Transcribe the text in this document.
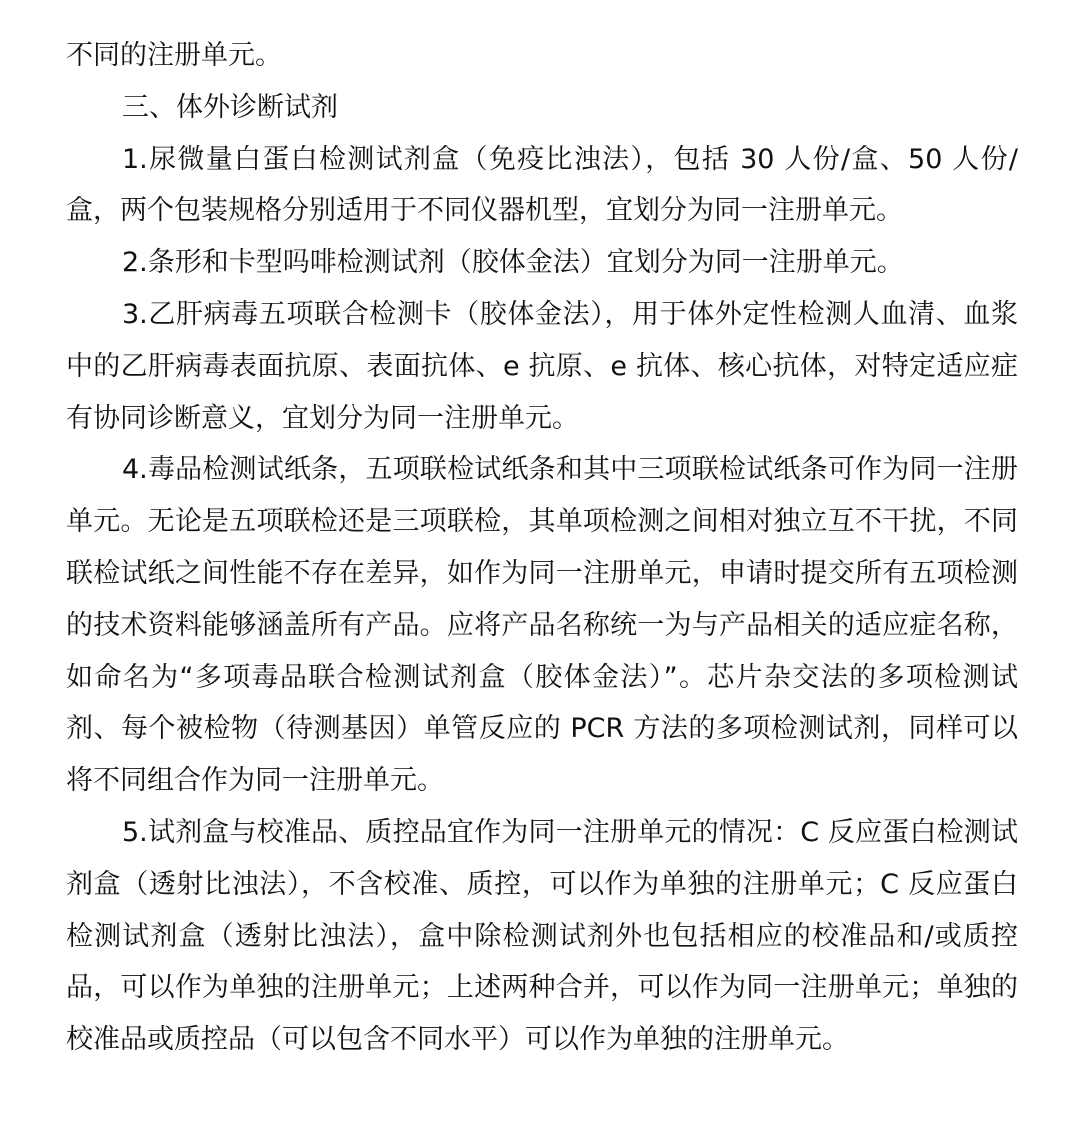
不同的注册单元。

三、体外诊断试剂

1.尿微量白蛋白检测试剂盒（免疫比浊法），包括 30 人份/盒、50 人份/盒，两个包装规格分别适用于不同仪器机型，宜划分为同一注册单元。

2.条形和卡型吗啡检测试剂（胶体金法）宜划分为同一注册单元。

3.乙肝病毒五项联合检测卡（胶体金法），用于体外定性检测人血清、血浆中的乙肝病毒表面抗原、表面抗体、e 抗原、e 抗体、核心抗体，对特定适应症有协同诊断意义，宜划分为同一注册单元。

4.毒品检测试纸条，五项联检试纸条和其中三项联检试纸条可作为同一注册单元。无论是五项联检还是三项联检，其单项检测之间相对独立互不干扰，不同联检试纸之间性能不存在差异，如作为同一注册单元，申请时提交所有五项检测的技术资料能够涵盖所有产品。应将产品名称统一为与产品相关的适应症名称，如命名为“多项毒品联合检测试剂盒（胶体金法）”。芯片杂交法的多项检测试剂、每个被检物（待测基因）单管反应的 PCR 方法的多项检测试剂，同样可以将不同组合作为同一注册单元。

5.试剂盒与校准品、质控品宜作为同一注册单元的情况：C 反应蛋白检测试剂盒（透射比浊法），不含校准、质控，可以作为单独的注册单元；C 反应蛋白检测试剂盒（透射比浊法），盒中除检测试剂外也包括相应的校准品和/或质控品，可以作为单独的注册单元；上述两种合并，可以作为同一注册单元；单独的校准品或质控品（可以包含不同水平）可以作为单独的注册单元。
